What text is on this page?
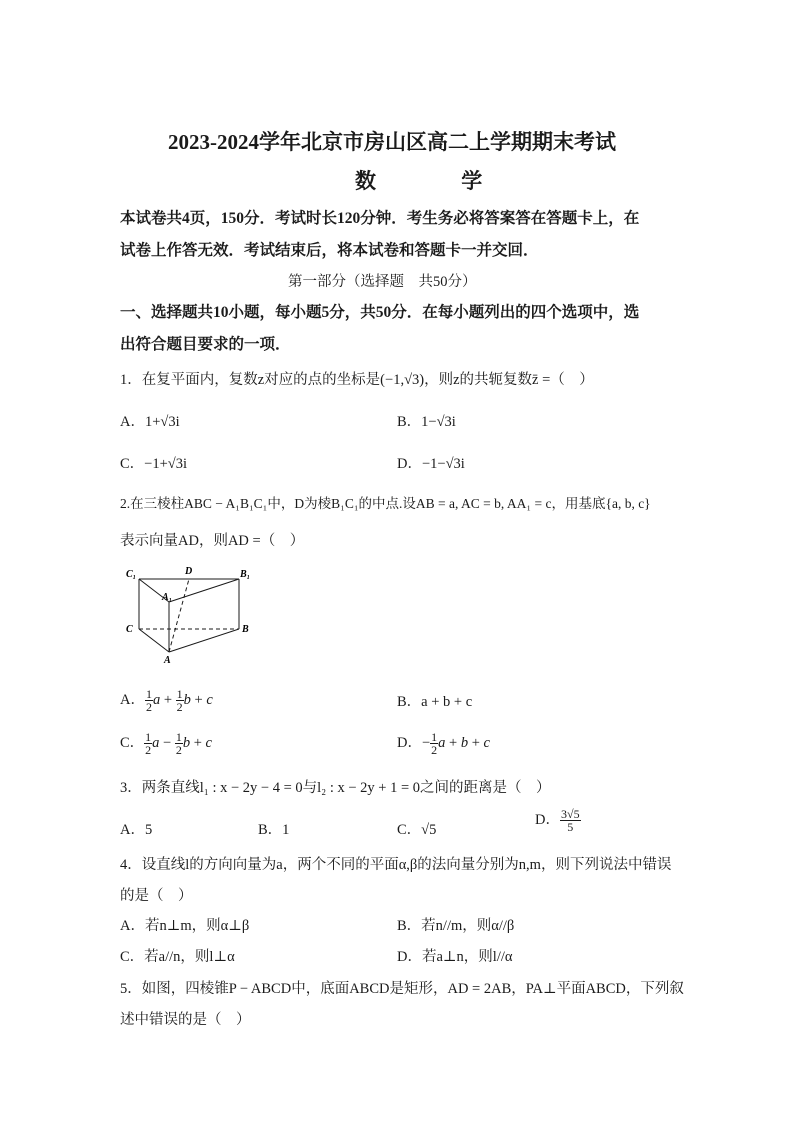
2023-2024学年北京市房山区高二上学期期末考试
数 学
本试卷共4页，150分．考试时长120分钟．考生务必将答案答在答题卡上，在
试卷上作答无效．考试结束后，将本试卷和答题卡一并交回．
第一部分（选择题　共50分）
一、选择题共10小题，每小题5分，共50分．在每小题列出的四个选项中，选
出符合题目要求的一项．
1．在复平面内，复数z对应的点的坐标是(−1,√3)，则z的共轭复数z̄ =（　）
A．1+√3i	B．1−√3i
C．−1+√3i	D．−1−√3i
2.在三棱柱ABC − A₁B₁C₁中，D为棱B₁C₁的中点.设AB = a, AC = b, AA₁ = c，用基底{a, b, c}
表示向量AD，则AD =（　）
C₁	D	B₁
A₁
C	B
A
A． $\frac{1}{2}$ $a + \frac{1}{2}$ b + c	B．a + b + c
C． $\frac{1}{2}$ $a - \frac{1}{2}$ b + c	D．− $\frac{1}{2}$ a + b + c
3．两条直线l₁ : x − 2y − 4 = 0与l₂ : x − 2y + 1 = 0之间的距离是（　）
A．5	B．1	C．√5
D． $\frac{3√5}{5}$
4．设直线l的方向向量为a，两个不同的平面α,β的法向量分别为n,m，则下列说法中错误
的是（　）
A．若n⊥m，则α⊥β	B．若n//m，则α//β
C．若a//n，则l⊥α	D．若a⊥n，则l//α
5．如图，四棱锥P − ABCD中，底面ABCD是矩形，AD = 2AB，PA⊥平面ABCD，下列叙
述中错误的是（　）
